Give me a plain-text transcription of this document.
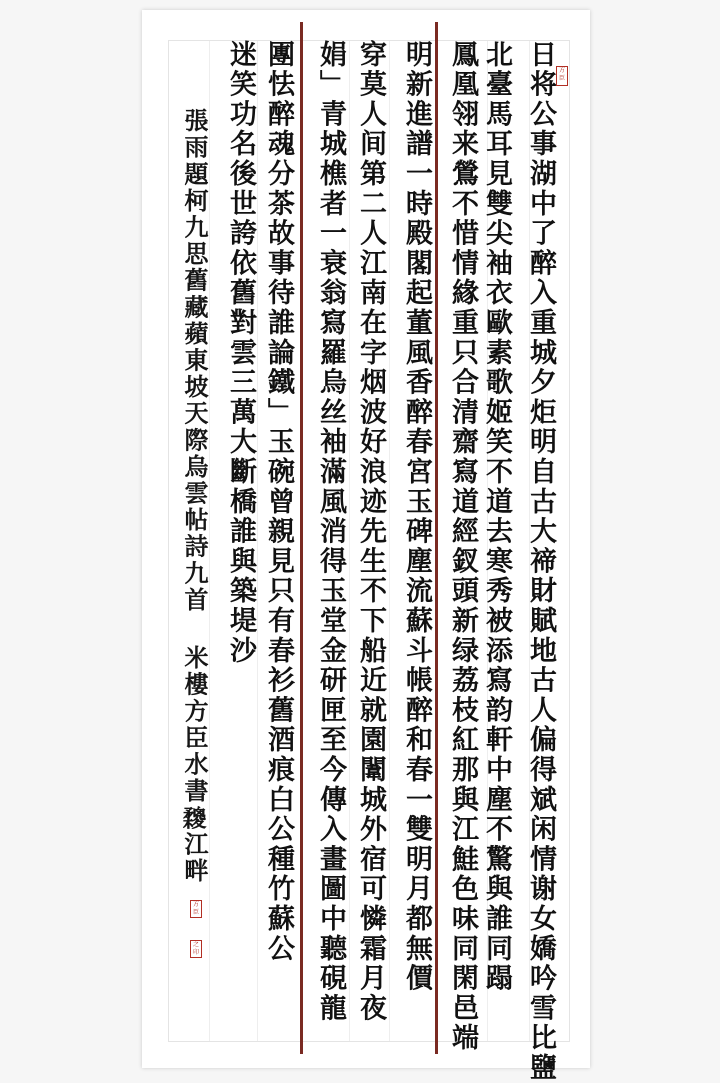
日将公事湖中了醉入重城夕炬明自古大禘財賦地古人偏得斌闲情谢女嬌吟雪比鹽
北臺馬耳見雙尖袖衣歐素歌姬笑不道去寒秀被添寫韵軒中塵不驚與誰同蹋
鳳凰翎来鶯不惜情緣重只合清齋寫道經釵頭新绿荔枝紅那與江鮭色味同閑邑端
明新進譜一時殿閣起董風香醉春宮玉碑塵流蘇斗帳醉和春一雙明月都無價
穿莫人间第二人江南在字烟波好浪迹先生不下船近就園闈城外宿可憐霜月夜
娟﹂青城樵者一衰翁寫羅烏丝袖滿風消得玉堂金研匣至今傳入畫圖中聽硯龍
團怯醉魂分茶故事待誰論鐵﹂玉碗曾親見只有春衫舊酒痕白公種竹蘇公
迷笑功名後世誇依舊對雲三萬大斷橋誰與築堤沙
張雨題柯九思舊藏蘋東坡天際烏雲帖詩九首 米樓方臣水書𣟮江畔
方臣
方臣
之印
